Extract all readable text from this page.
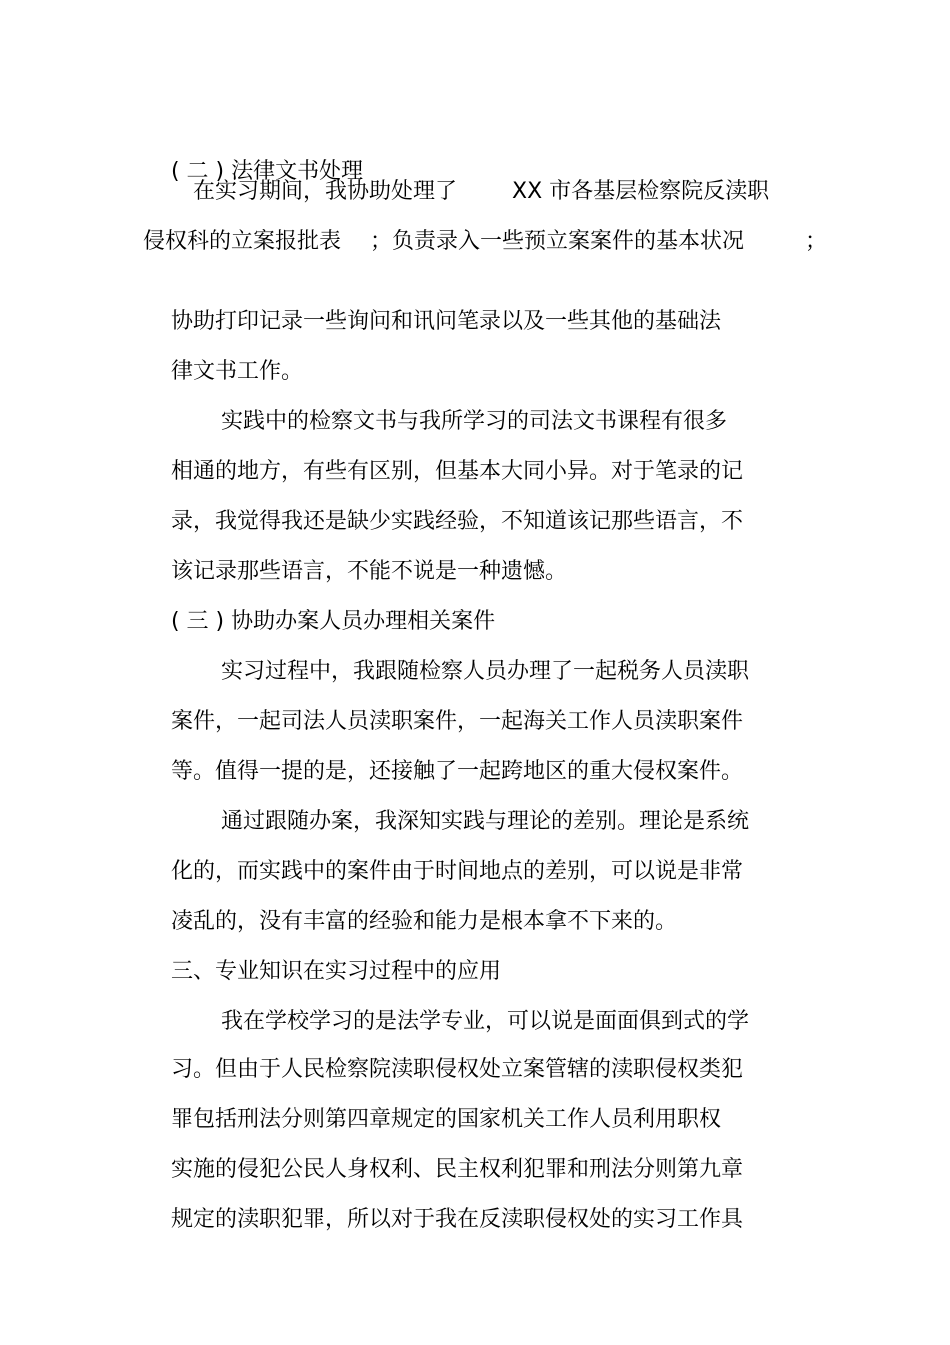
( 二 ) 法律文书处理

在实习期间，我协助处理了

XX 市各基层检察院反渎职

侵权科的立案报批表

；负责录入一些预立案案件的基本状况

	；

协助打印记录一些询问和讯问笔录以及一些其他的基础法

律文书工作。

实践中的检察文书与我所学习的司法文书课程有很多

相通的地方，有些有区别，但基本大同小异。对于笔录的记

录，我觉得我还是缺少实践经验，不知道该记那些语言，不

该记录那些语言，不能不说是一种遗憾。

( 三 ) 协助办案人员办理相关案件

实习过程中，我跟随检察人员办理了一起税务人员渎职

案件，一起司法人员渎职案件，一起海关工作人员渎职案件

等。值得一提的是，还接触了一起跨地区的重大侵权案件。

通过跟随办案，我深知实践与理论的差别。理论是系统

化的，而实践中的案件由于时间地点的差别，可以说是非常

凌乱的，没有丰富的经验和能力是根本拿不下来的。

三、专业知识在实习过程中的应用

我在学校学习的是法学专业，可以说是面面俱到式的学

习。但由于人民检察院渎职侵权处立案管辖的渎职侵权类犯

罪包括刑法分则第四章规定的国家机关工作人员利用职权

实施的侵犯公民人身权利、民主权利犯罪和刑法分则第九章

规定的渎职犯罪，所以对于我在反渎职侵权处的实习工作具
